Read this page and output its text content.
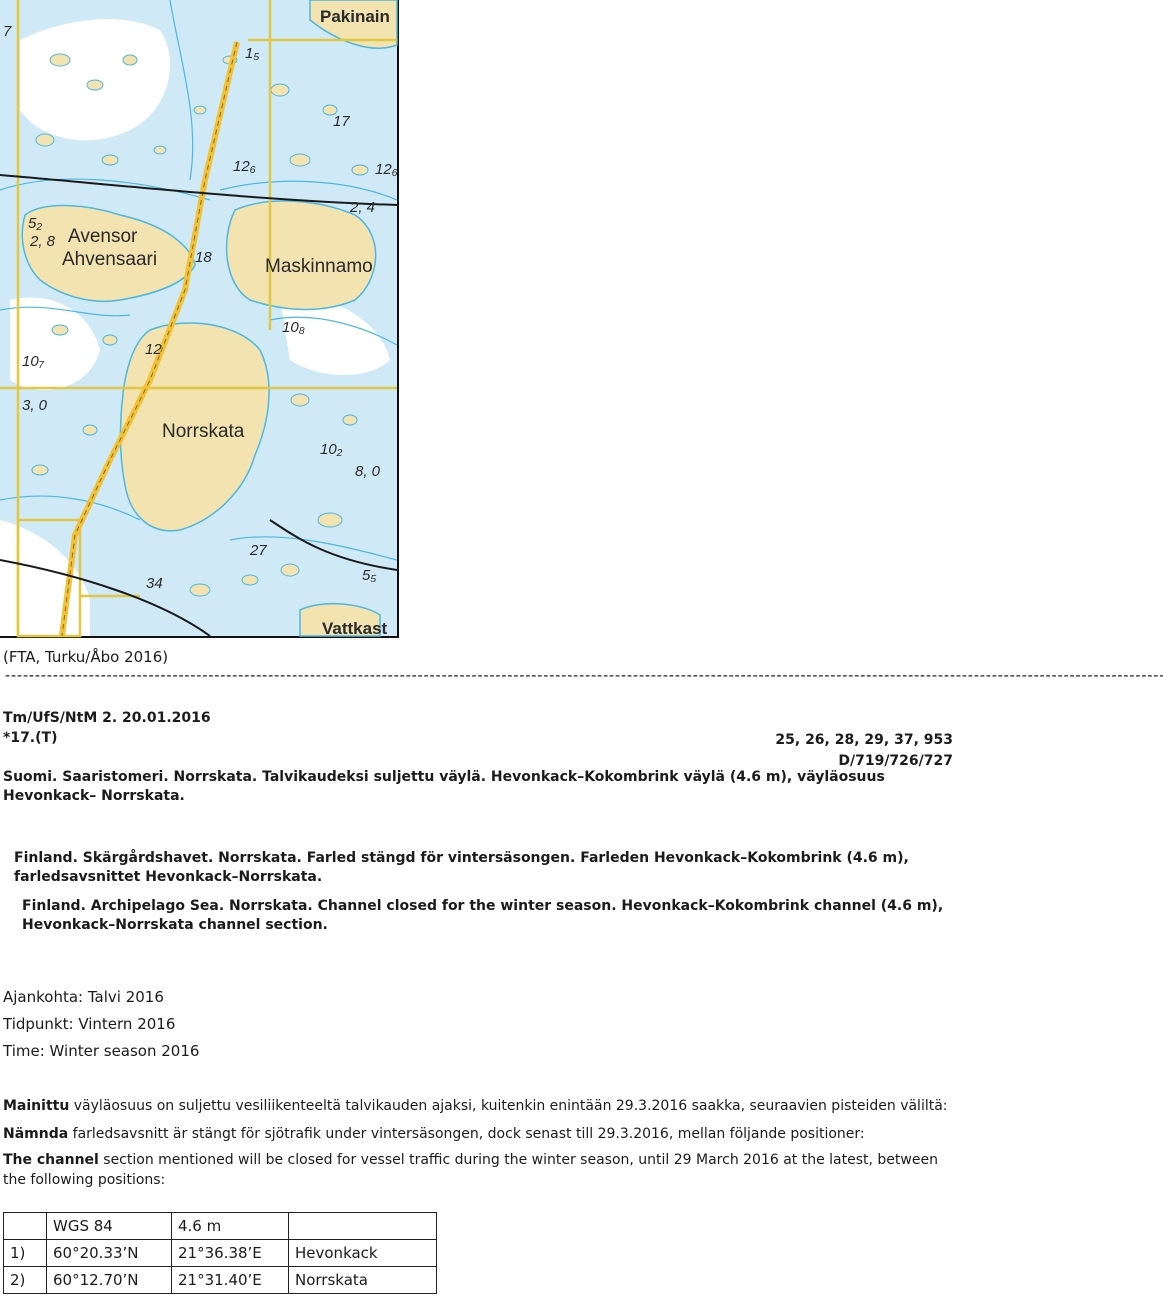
Pakinain
Avensor
Ahvensaari	Maskinnamo
Norrskata
Vattkast
7
1₅
17
12₆	12₆
2, 4
5₂
2, 8
18
10₈
12
10₇
3, 0
10₂
8, 0
27
34	5₅
(FTA, Turku/Åbo 2016)
--------------------------------------------------------------------------------------------------------------------------------------------------------------------------------------------------
Tm/UfS/NtM 2. 20.01.2016
*17.(T)	25, 26, 28, 29, 37, 953
D/719/726/727
Suomi. Saaristomeri. Norrskata. Talvikaudeksi suljettu väylä. Hevonkack–Kokombrink väylä (4.6 m), väyläosuus Hevonkack– Norrskata.
Finland. Skärgårdshavet. Norrskata. Farled stängd för vintersäsongen. Farleden Hevonkack–Kokombrink (4.6 m), farledsavsnittet Hevonkack–Norrskata.
Finland. Archipelago Sea. Norrskata. Channel closed for the winter season. Hevonkack–Kokombrink channel (4.6 m), Hevonkack–Norrskata channel section.
Ajankohta: Talvi 2016
Tidpunkt: Vintern 2016
Time: Winter season 2016
Mainittu väyläosuus on suljettu vesiliikenteeltä talvikauden ajaksi, kuitenkin enintään 29.3.2016 saakka, seuraavien pisteiden väliltä:
Nämnda farledsavsnitt är stängt för sjötrafik under vintersäsongen, dock senast till 29.3.2016, mellan följande positioner:
The channel section mentioned will be closed for vessel traffic during the winter season, until 29 March 2016 at the latest, between the following positions:
	WGS 84	4.6 m	
1)	60°20.33’N	21°36.38’E	Hevonkack
2)	60°12.70’N	21°31.40’E	Norrskata
